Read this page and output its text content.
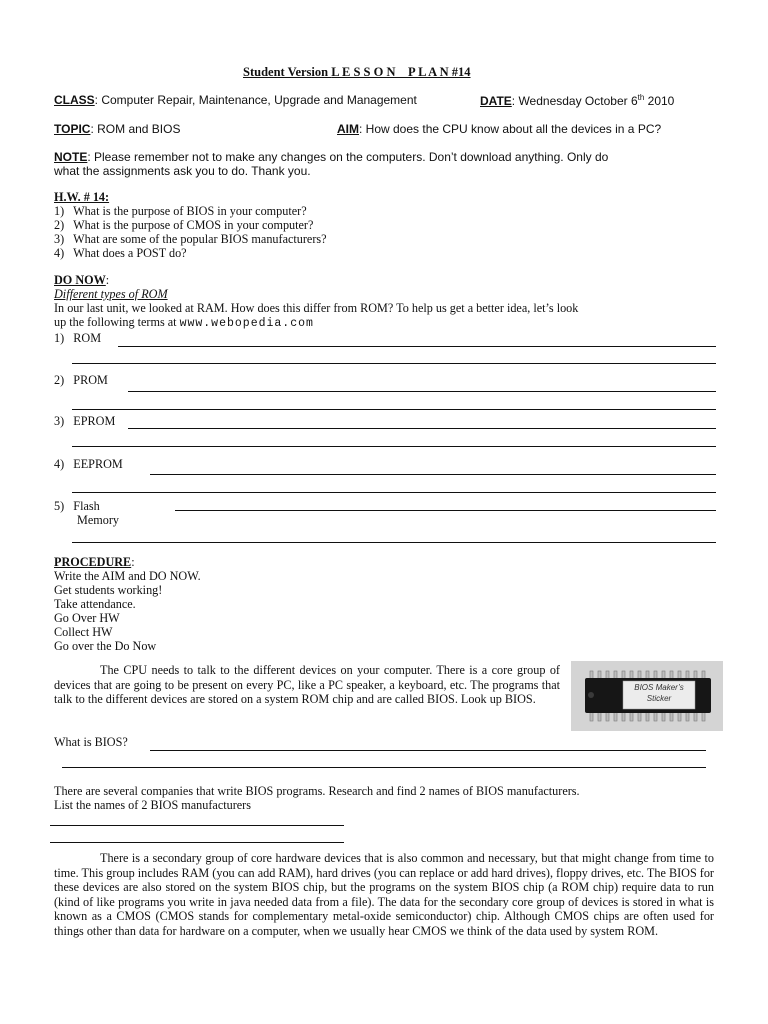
Student Version L E S S O N    P L A N #14
CLASS: Computer Repair, Maintenance, Upgrade and Management	DATE: Wednesday October 6th 2010
TOPIC: ROM and BIOS	AIM: How does the CPU know about all the devices in a PC?
NOTE: Please remember not to make any changes on the computers. Don’t download anything. Only do
what the assignments ask you to do. Thank you.
H.W. # 14:
1)   What is the purpose of BIOS in your computer?
2)   What is the purpose of CMOS in your computer?
3)   What are some of the popular BIOS manufacturers?
4)   What does a POST do?
DO NOW:
Different types of ROM
In our last unit, we looked at RAM. How does this differ from ROM? To help us get a better idea, let’s look
up the following terms at www.webopedia.com
1)   ROM
2)   PROM
3)   EPROM
4)   EEPROM
5)   Flash
Memory
PROCEDURE:
Write the AIM and DO NOW.
Get students working!
Take attendance.
Go Over HW
Collect HW
Go over the Do Now
The CPU needs to talk to the different devices on your computer. There is a core group of devices that are going to be present on every PC, like a PC speaker, a keyboard, etc. The programs that talk to the different devices are stored on a system ROM chip and are called BIOS. Look up BIOS.
BIOS Maker’s
Sticker
What is BIOS?
There are several companies that write BIOS programs. Research and find 2 names of BIOS manufacturers.
List the names of 2 BIOS manufacturers
There is a secondary group of core hardware devices that is also common and necessary, but that might change from time to time. This group includes RAM (you can add RAM), hard drives (you can replace or add hard drives), floppy drives, etc. The BIOS for these devices are also stored on the system BIOS chip, but the programs on the system BIOS chip (a ROM chip) require data to run (kind of like programs you write in java needed data from a file). The data for the secondary core group of devices is stored in what is known as a CMOS (CMOS stands for complementary metal-oxide semiconductor) chip. Although CMOS chips are often used for things other than data for hardware on a computer, when we usually hear CMOS we think of the data used by system ROM.
